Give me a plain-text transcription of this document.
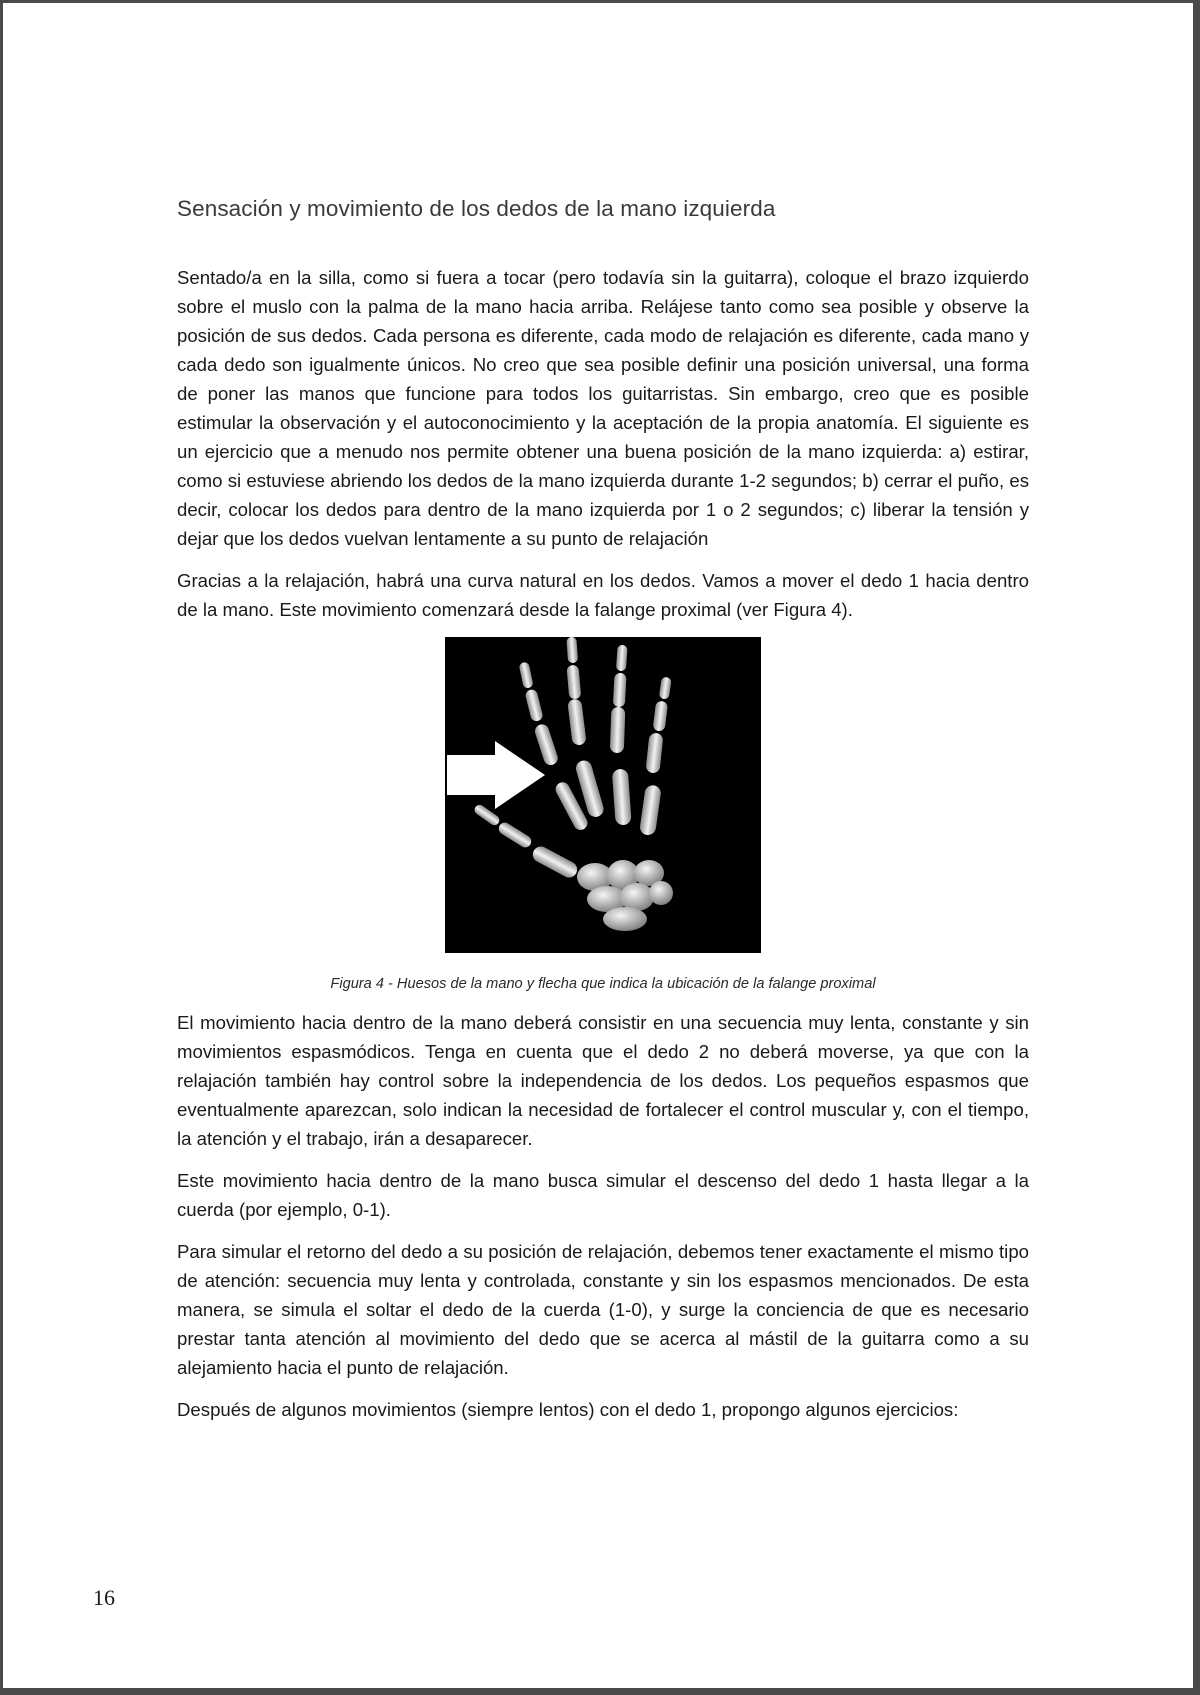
Sensación y movimiento de los dedos de la mano izquierda

Sentado/a en la silla, como si fuera a tocar (pero todavía sin la guitarra), coloque el brazo izquierdo sobre el muslo con la palma de la mano hacia arriba. Relájese tanto como sea posible y observe la posición de sus dedos. Cada persona es diferente, cada modo de relajación es diferente, cada mano y cada dedo son igualmente únicos. No creo que sea posible definir una posición universal, una forma de poner las manos que funcione para todos los guitarristas. Sin embargo, creo que es posible estimular la observación y el autoconocimiento y la aceptación de la propia anatomía. El siguiente es un ejercicio que a menudo nos permite obtener una buena posición de la mano izquierda: a) estirar, como si estuviese abriendo los dedos de la mano izquierda durante 1-2 segundos; b) cerrar el puño, es decir, colocar los dedos para dentro de la mano izquierda por 1 o 2 segundos; c) liberar la tensión y dejar que los dedos vuelvan lentamente a su punto de relajación

Gracias a la relajación, habrá una curva natural en los dedos. Vamos a mover el dedo 1 hacia dentro de la mano. Este movimiento comenzará desde la falange proximal (ver Figura 4).

Figura 4 - Huesos de la mano y flecha que indica la ubicación de la falange proximal

El movimiento hacia dentro de la mano deberá consistir en una secuencia muy lenta, constante y sin movimientos espasmódicos. Tenga en cuenta que el dedo 2 no deberá moverse, ya que con la relajación también hay control sobre la independencia de los dedos. Los pequeños espasmos que eventualmente aparezcan, solo indican la necesidad de fortalecer el control muscular y, con el tiempo, la atención y el trabajo, irán a desaparecer.

Este movimiento hacia dentro de la mano busca simular el descenso del dedo 1 hasta llegar a la cuerda (por ejemplo, 0-1).

Para simular el retorno del dedo a su posición de relajación, debemos tener exactamente el mismo tipo de atención: secuencia muy lenta y controlada, constante y sin los espasmos mencionados. De esta manera, se simula el soltar el dedo de la cuerda (1-0), y surge la conciencia de que es necesario prestar tanta atención al movimiento del dedo que se acerca al mástil de la guitarra como a su alejamiento hacia el punto de relajación.

Después de algunos movimientos (siempre lentos) con el dedo 1, propongo algunos ejercicios:

16
